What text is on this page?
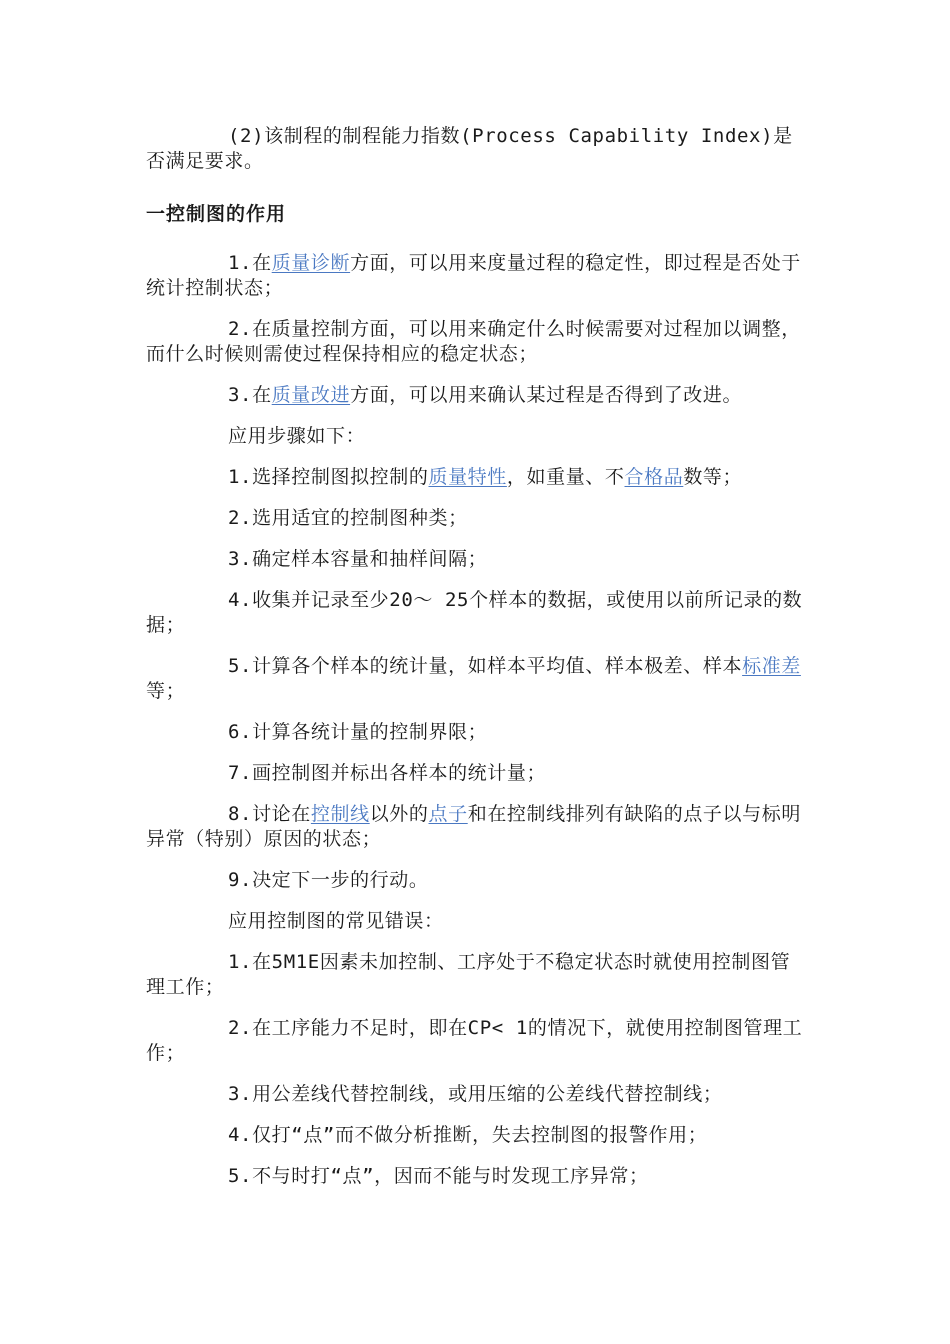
(2)该制程的制程能力指数(Process Capability Index)是否满足要求。

一控制图的作用

1.在质量诊断方面，可以用来度量过程的稳定性，即过程是否处于统计控制状态；

2.在质量控制方面，可以用来确定什么时候需要对过程加以调整，而什么时候则需使过程保持相应的稳定状态；

3.在质量改进方面，可以用来确认某过程是否得到了改进。

应用步骤如下：

1.选择控制图拟控制的质量特性，如重量、不合格品数等；

2.选用适宜的控制图种类；

3.确定样本容量和抽样间隔；

4.收集并记录至少20～ 25个样本的数据，或使用以前所记录的数据；

5.计算各个样本的统计量，如样本平均值、样本极差、样本标准差等；

6.计算各统计量的控制界限；

7.画控制图并标出各样本的统计量；

8.讨论在控制线以外的点子和在控制线排列有缺陷的点子以与标明异常（特别）原因的状态；

9.决定下一步的行动。

应用控制图的常见错误：

1.在5M1E因素未加控制、工序处于不稳定状态时就使用控制图管理工作；

2.在工序能力不足时，即在CP< 1的情况下，就使用控制图管理工作；

3.用公差线代替控制线，或用压缩的公差线代替控制线；

4.仅打“点”而不做分析推断，失去控制图的报警作用；

5.不与时打“点”，因而不能与时发现工序异常；
